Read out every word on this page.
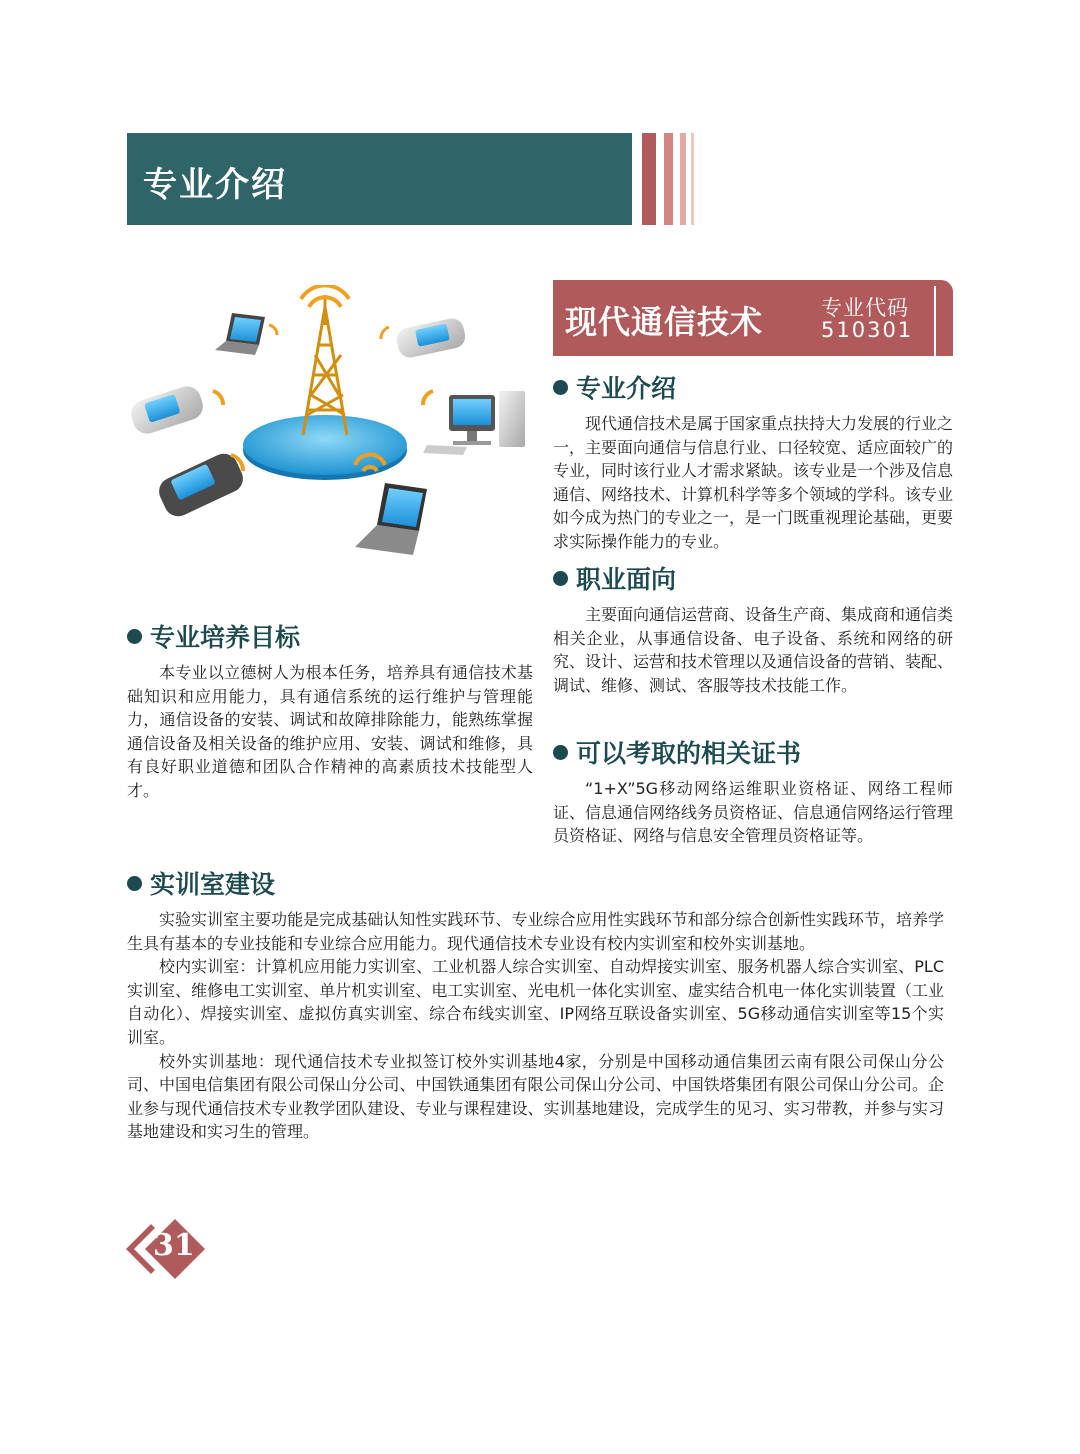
专业介绍
现代通信技术	专业代码
510301
专业介绍

现代通信技术是属于国家重点扶持大力发展的行业之一，主要面向通信与信息行业、口径较宽、适应面较广的专业，同时该行业人才需求紧缺。该专业是一个涉及信息通信、网络技术、计算机科学等多个领域的学科。该专业如今成为热门的专业之一，是一门既重视理论基础，更要求实际操作能力的专业。

职业面向

主要面向通信运营商、设备生产商、集成商和通信类相关企业，从事通信设备、电子设备、系统和网络的研究、设计、运营和技术管理以及通信设备的营销、装配、调试、维修、测试、客服等技术技能工作。

专业培养目标

本专业以立德树人为根本任务，培养具有通信技术基础知识和应用能力，具有通信系统的运行维护与管理能力，通信设备的安装、调试和故障排除能力，能熟练掌握通信设备及相关设备的维护应用、安装、调试和维修，具有良好职业道德和团队合作精神的高素质技术技能型人才。

可以考取的相关证书

“1+X”5G移动网络运维职业资格证、网络工程师证、信息通信网络线务员资格证、信息通信网络运行管理员资格证、网络与信息安全管理员资格证等。

实训室建设

实验实训室主要功能是完成基础认知性实践环节、专业综合应用性实践环节和部分综合创新性实践环节，培养学生具有基本的专业技能和专业综合应用能力。现代通信技术专业设有校内实训室和校外实训基地。

校内实训室：计算机应用能力实训室、工业机器人综合实训室、自动焊接实训室、服务机器人综合实训室、PLC实训室、维修电工实训室、单片机实训室、电工实训室、光电机一体化实训室、虚实结合机电一体化实训装置（工业自动化）、焊接实训室、虚拟仿真实训室、综合布线实训室、IP网络互联设备实训室、5G移动通信实训室等15个实训室。

校外实训基地：现代通信技术专业拟签订校外实训基地4家，分别是中国移动通信集团云南有限公司保山分公司、中国电信集团有限公司保山分公司、中国铁通集团有限公司保山分公司、中国铁塔集团有限公司保山分公司。企业参与现代通信技术专业教学团队建设、专业与课程建设、实训基地建设，完成学生的见习、实习带教，并参与实习基地建设和实习生的管理。

31
